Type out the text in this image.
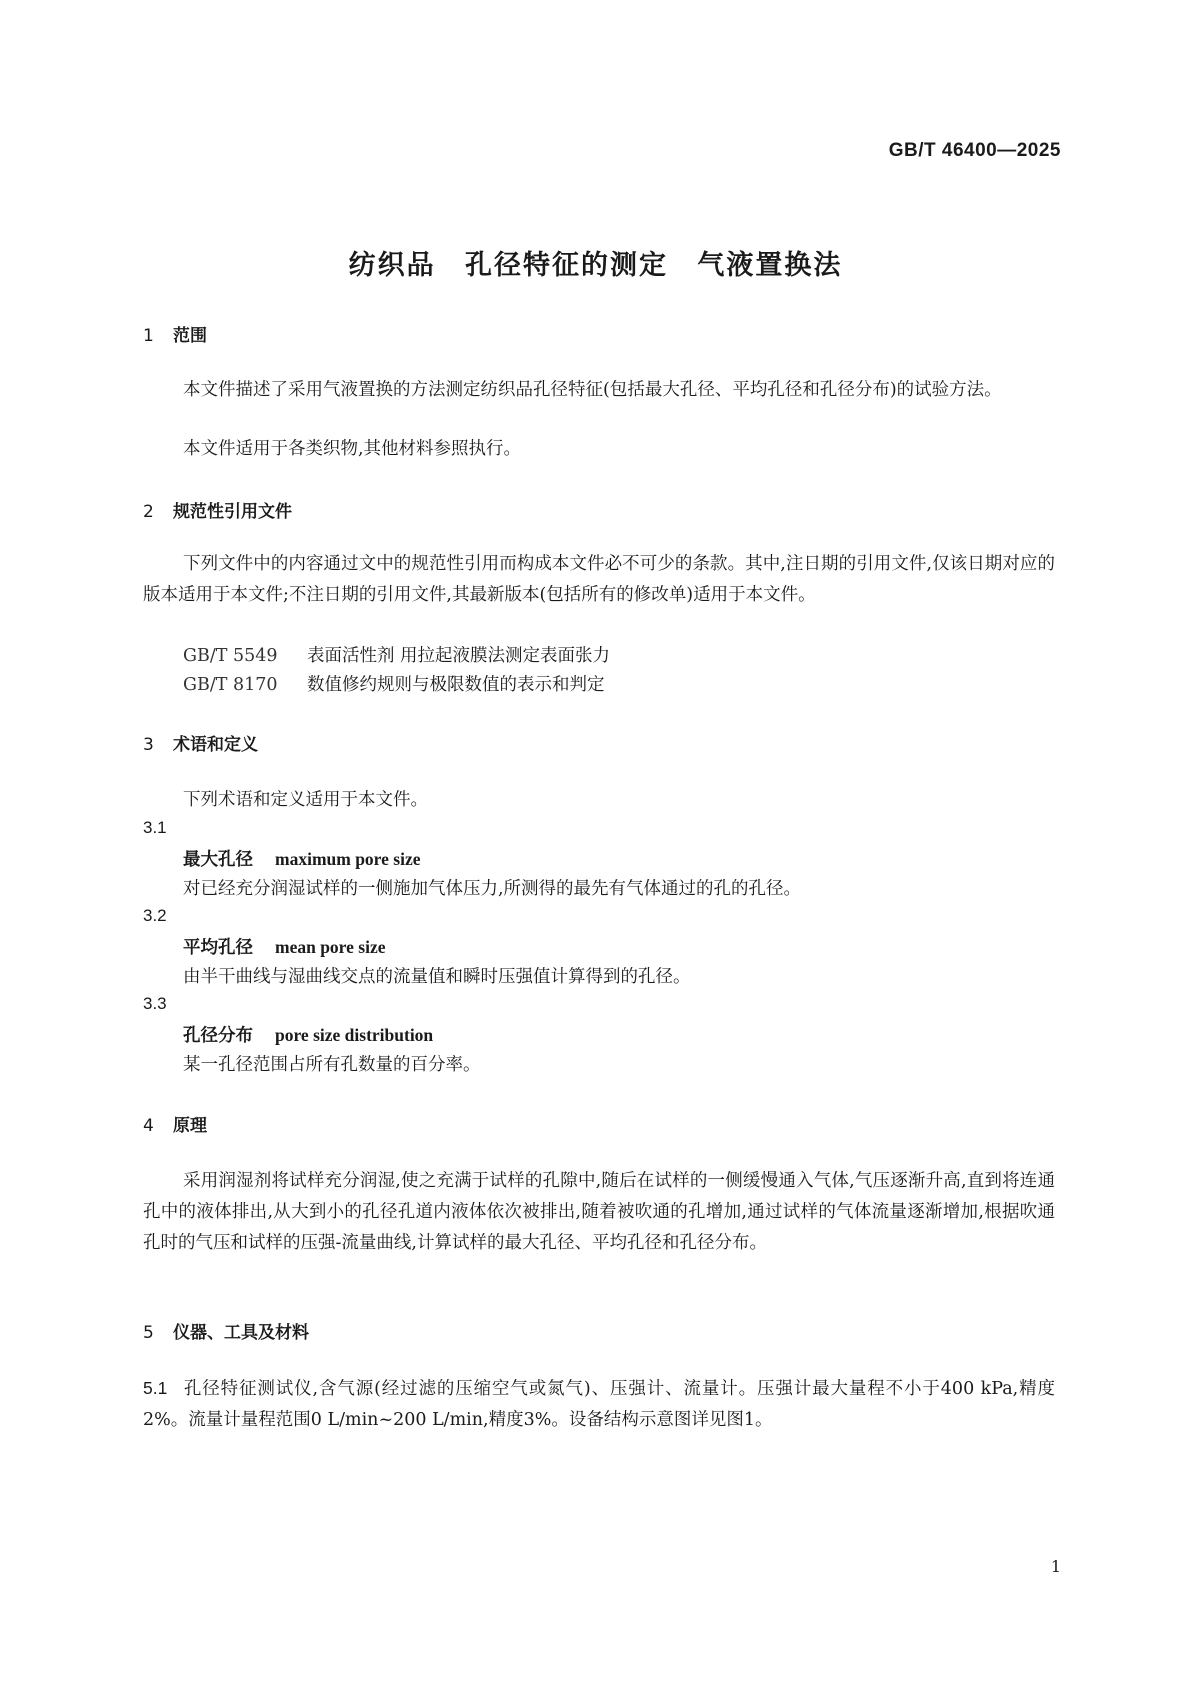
GB/T 46400—2025
纺织品 孔径特征的测定 气液置换法
1 范围
本文件描述了采用气液置换的方法测定纺织品孔径特征(包括最大孔径、平均孔径和孔径分布)的试验方法。
本文件适用于各类织物,其他材料参照执行。
2 规范性引用文件
下列文件中的内容通过文中的规范性引用而构成本文件必不可少的条款。其中,注日期的引用文件,仅该日期对应的版本适用于本文件;不注日期的引用文件,其最新版本(包括所有的修改单)适用于本文件。
GB/T 5549 表面活性剂 用拉起液膜法测定表面张力
GB/T 8170 数值修约规则与极限数值的表示和判定
3 术语和定义
下列术语和定义适用于本文件。
3.1
最大孔径 maximum pore size
对已经充分润湿试样的一侧施加气体压力,所测得的最先有气体通过的孔的孔径。
3.2
平均孔径 mean pore size
由半干曲线与湿曲线交点的流量值和瞬时压强值计算得到的孔径。
3.3
孔径分布 pore size distribution
某一孔径范围占所有孔数量的百分率。
4 原理
采用润湿剂将试样充分润湿,使之充满于试样的孔隙中,随后在试样的一侧缓慢通入气体,气压逐渐升高,直到将连通孔中的液体排出,从大到小的孔径孔道内液体依次被排出,随着被吹通的孔增加,通过试样的气体流量逐渐增加,根据吹通孔时的气压和试样的压强-流量曲线,计算试样的最大孔径、平均孔径和孔径分布。
5 仪器、工具及材料
5.1 孔径特征测试仪,含气源(经过滤的压缩空气或氮气)、压强计、流量计。压强计最大量程不小于400 kPa,精度2%。流量计量程范围0 L/min~200 L/min,精度3%。设备结构示意图详见图1。
1
